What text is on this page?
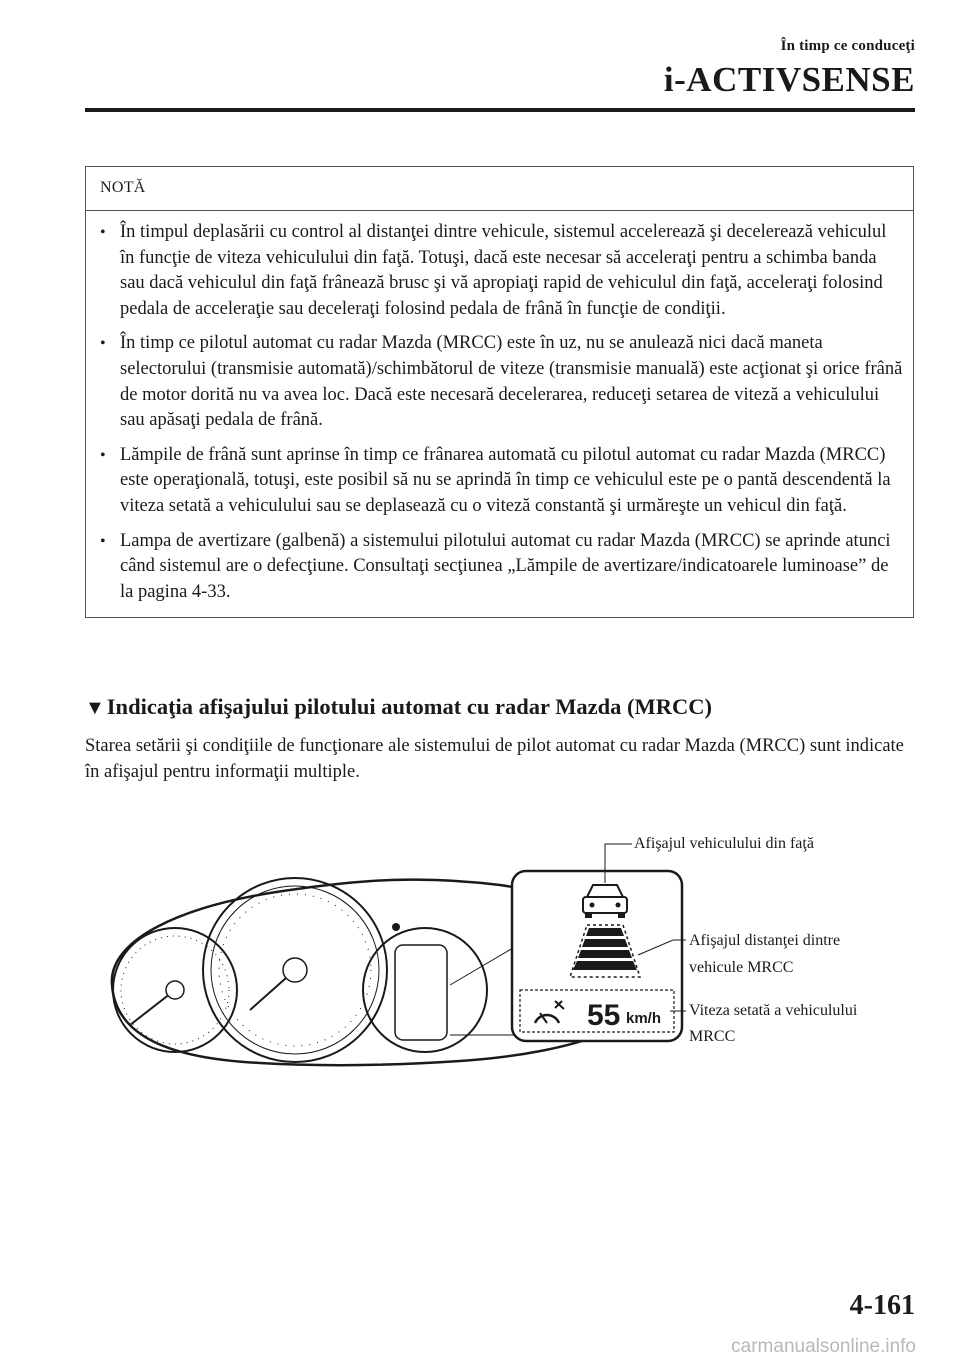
În timp ce conduceţi
i-ACTIVSENSE
NOTĂ
• În timpul deplasării cu control al distanţei dintre vehicule, sistemul accelerează şi decelerează vehiculul în funcţie de viteza vehiculului din faţă. Totuşi, dacă este necesar să acceleraţi pentru a schimba banda sau dacă vehiculul din faţă frânează brusc şi vă apropiaţi rapid de vehiculul din faţă, acceleraţi folosind pedala de acceleraţie sau deceleraţi folosind pedala de frână în funcţie de condiţii.
• În timp ce pilotul automat cu radar Mazda (MRCC) este în uz, nu se anulează nici dacă maneta selectorului (transmisie automată)/schimbătorul de viteze (transmisie manuală) este acţionat şi orice frână de motor dorită nu va avea loc. Dacă este necesară decelerarea, reduceţi setarea de viteză a vehiculului sau apăsaţi pedala de frână.
• Lămpile de frână sunt aprinse în timp ce frânarea automată cu pilotul automat cu radar Mazda (MRCC) este operaţională, totuşi, este posibil să nu se aprindă în timp ce vehiculul este pe o pantă descendentă la viteza setată a vehiculului sau se deplasează cu o viteză constantă şi urmăreşte un vehicul din faţă.
• Lampa de avertizare (galbenă) a sistemului pilotului automat cu radar Mazda (MRCC) se aprinde atunci când sistemul are o defecţiune. Consultaţi secţiunea „Lămpile de avertizare/indicatoarele luminoase” de la pagina 4-33.
▼Indicaţia afişajului pilotului automat cu radar Mazda (MRCC)
Starea setării şi condiţiile de funcţionare ale sistemului de pilot automat cu radar Mazda (MRCC) sunt indicate în afişajul pentru informaţii multiple.
55 km/h
Afişajul vehiculului din faţă
Afişajul distanţei dintre
vehicule MRCC
Viteza setată a vehiculului
MRCC
4-161
carmanualsonline.info
